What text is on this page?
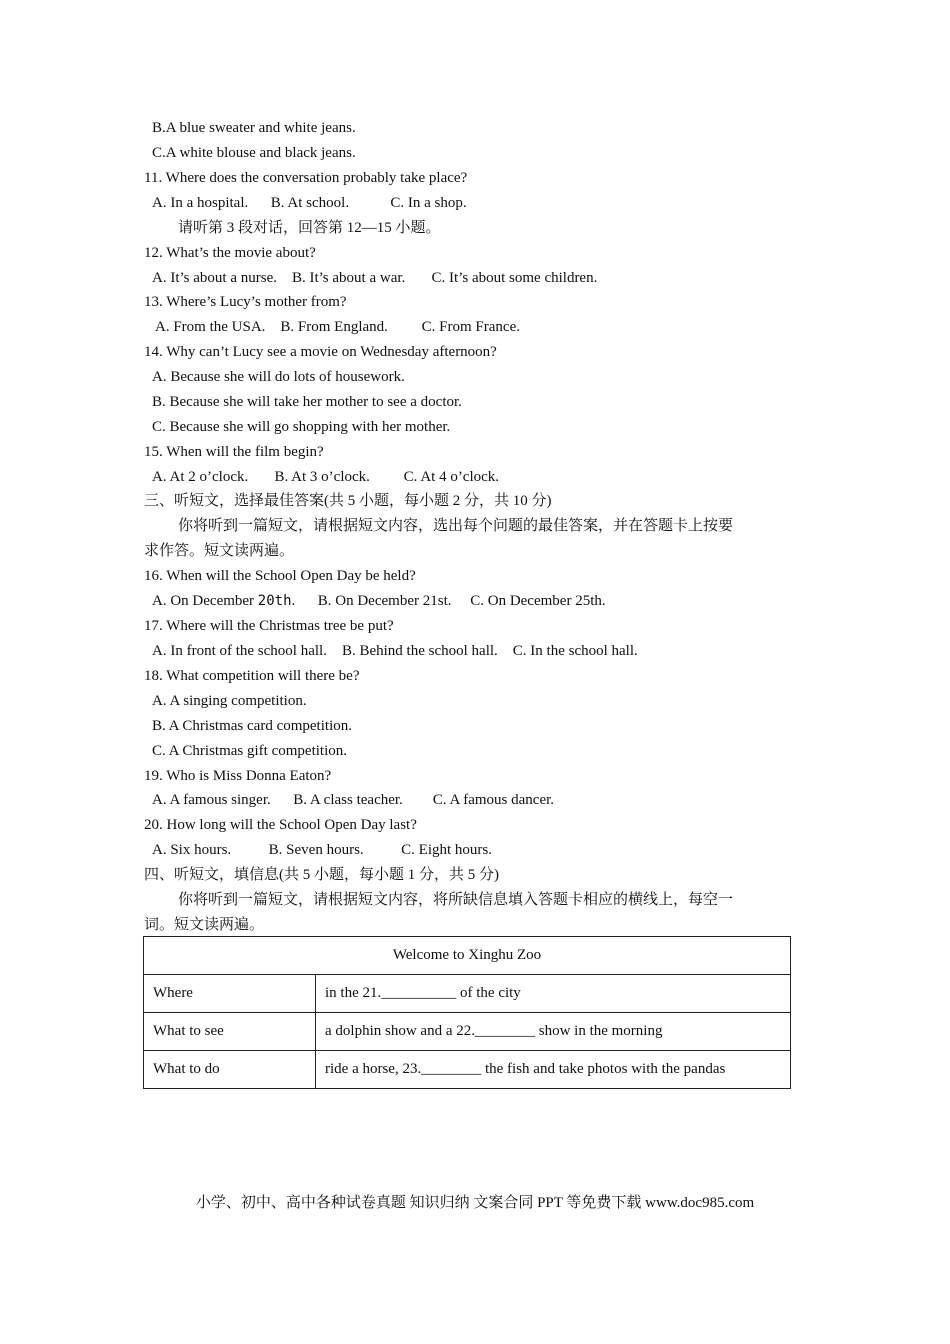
B.A blue sweater and white jeans.
C.A white blouse and black jeans.
11. Where does the conversation probably take place?
A. In a hospital.      B. At school.           C. In a shop.
请听第 3 段对话，回答第 12—15 小题。
12. What’s the movie about?
A. It’s about a nurse.    B. It’s about a war.       C. It’s about some children.
13. Where’s Lucy’s mother from?
A. From the USA.    B. From England.         C. From France.
14. Why can’t Lucy see a movie on Wednesday afternoon?
A. Because she will do lots of housework.
B. Because she will take her mother to see a doctor.
C. Because she will go shopping with her mother.
15. When will the film begin?
A. At 2 o’clock.       B. At 3 o’clock.         C. At 4 o’clock.
三、听短文，选择最佳答案(共 5 小题，每小题 2 分，共 10 分)
你将听到一篇短文，请根据短文内容，选出每个问题的最佳答案，并在答题卡上按要
求作答。短文读两遍。
16. When will the School Open Day be held?
A. On December 20th.      B. On December 21st.     C. On December 25th.
17. Where will the Christmas tree be put?
A. In front of the school hall.    B. Behind the school hall.    C. In the school hall.
18. What competition will there be?
A. A singing competition.
B. A Christmas card competition.
C. A Christmas gift competition.
19. Who is Miss Donna Eaton?
A. A famous singer.      B. A class teacher.        C. A famous dancer.
20. How long will the School Open Day last?
A. Six hours.          B. Seven hours.          C. Eight hours.
四、听短文，填信息(共 5 小题，每小题 1 分，共 5 分)
你将听到一篇短文，请根据短文内容，将所缺信息填入答题卡相应的横线上，每空一
词。短文读两遍。
Welcome to Xinghu Zoo	
Where	in the 21.__________ of the city
What to see	a dolphin show and a 22.________ show in the morning
What to do	ride a horse, 23.________ the fish and take photos with the pandas
小学、初中、高中各种试卷真题 知识归纳 文案合同 PPT 等免费下载 www.doc985.com
